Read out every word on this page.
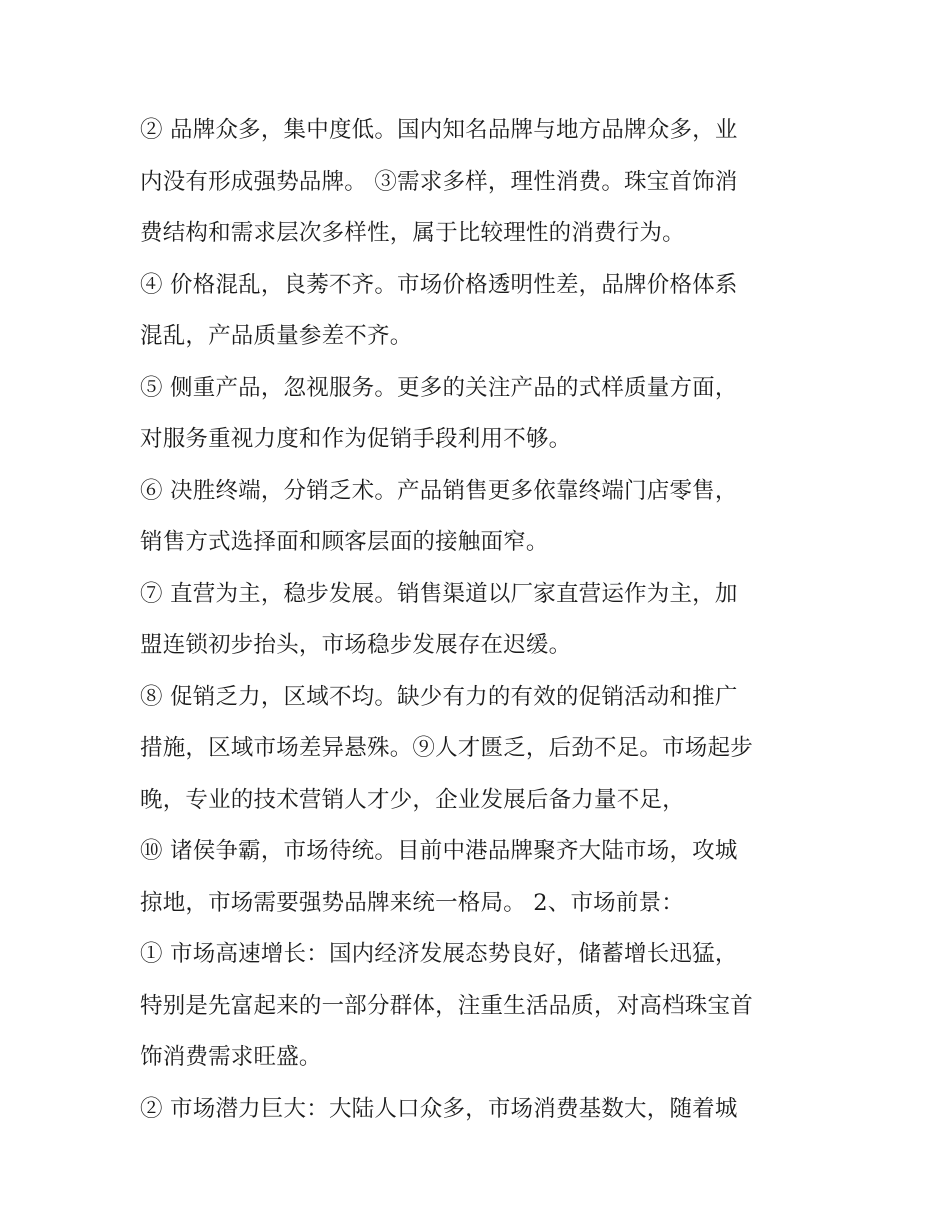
② 品牌众多，集中度低。国内知名品牌与地方品牌众多，业
内没有形成强势品牌。 ③需求多样，理性消费。珠宝首饰消
费结构和需求层次多样性，属于比较理性的消费行为。
④ 价格混乱，良莠不齐。市场价格透明性差，品牌价格体系
混乱，产品质量参差不齐。
⑤ 侧重产品，忽视服务。更多的关注产品的式样质量方面，
对服务重视力度和作为促销手段利用不够。
⑥ 决胜终端，分销乏术。产品销售更多依靠终端门店零售，
销售方式选择面和顾客层面的接触面窄。
⑦ 直营为主，稳步发展。销售渠道以厂家直营运作为主，加
盟连锁初步抬头，市场稳步发展存在迟缓。
⑧ 促销乏力，区域不均。缺少有力的有效的促销活动和推广
措施，区域市场差异悬殊。⑨人才匮乏，后劲不足。市场起步
晚，专业的技术营销人才少，企业发展后备力量不足，
⑩ 诸侯争霸，市场待统。目前中港品牌聚齐大陆市场，攻城
掠地，市场需要强势品牌来统一格局。 2、市场前景：
① 市场高速增长：国内经济发展态势良好，储蓄增长迅猛，
特别是先富起来的一部分群体，注重生活品质，对高档珠宝首
饰消费需求旺盛。
② 市场潜力巨大：大陆人口众多，市场消费基数大，随着城
